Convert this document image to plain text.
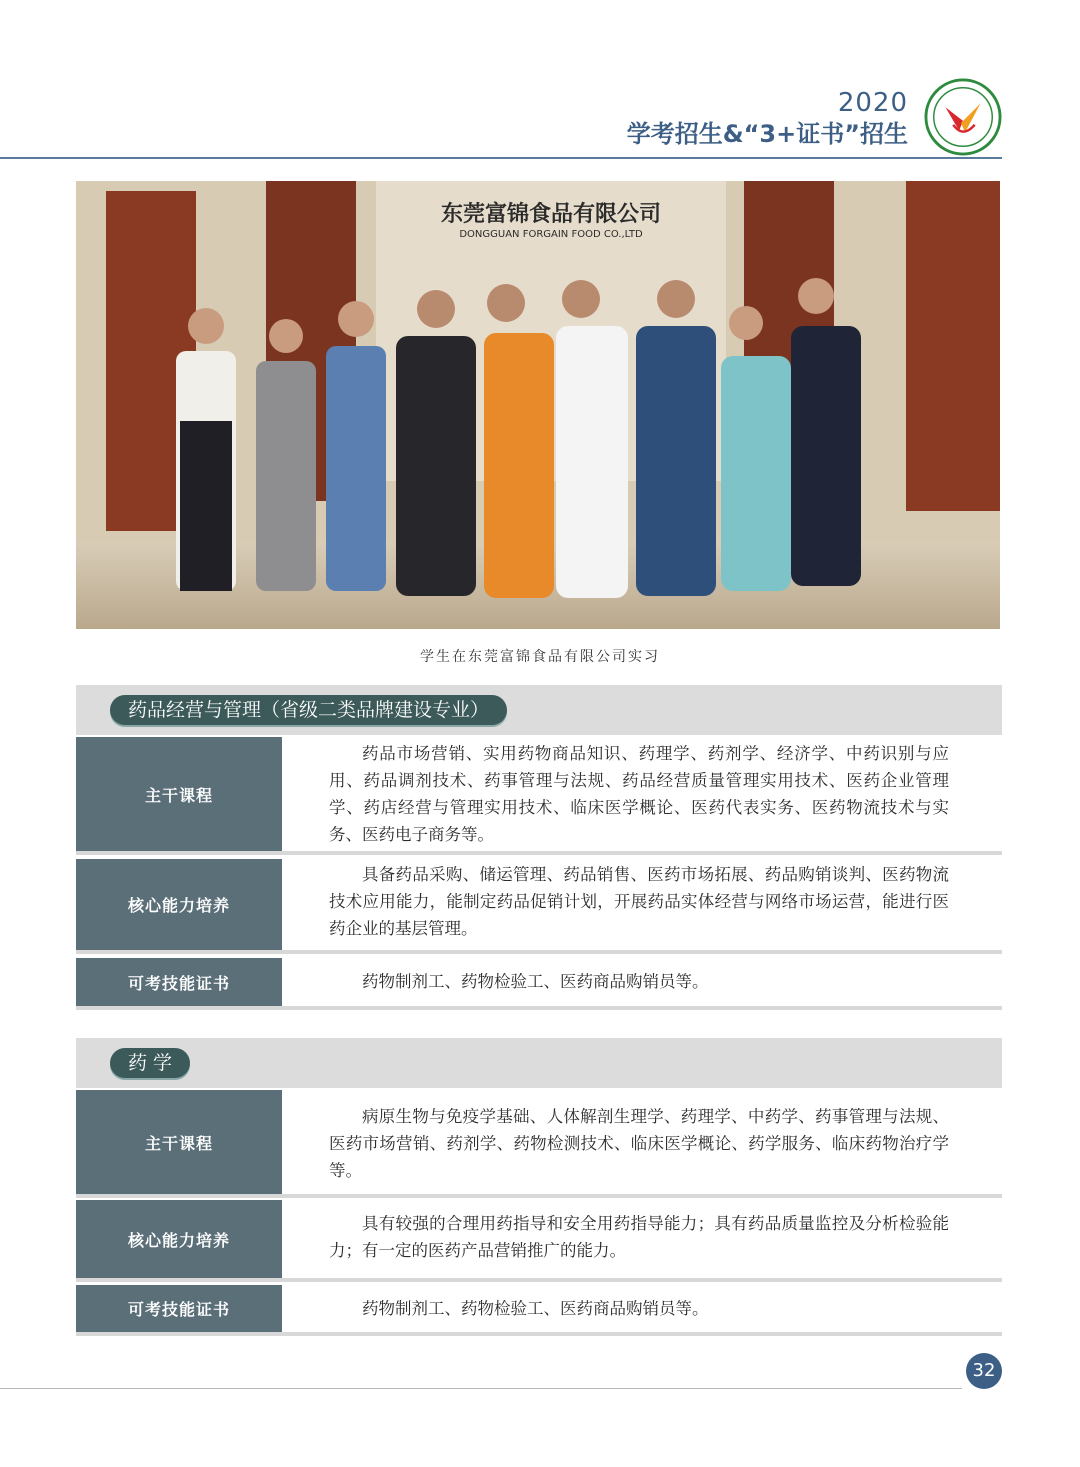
2020
学考招生&“3+证书”招生
东莞富锦食品有限公司
DONGGUAN FORGAIN FOOD CO.,LTD
学生在东莞富锦食品有限公司实习
药品经营与管理（省级二类品牌建设专业）
主干课程
药品市场营销、实用药物商品知识、药理学、药剂学、经济学、中药识别与应用、药品调剂技术、药事管理与法规、药品经营质量管理实用技术、医药企业管理学、药店经营与管理实用技术、临床医学概论、医药代表实务、医药物流技术与实务、医药电子商务等。
核心能力培养
具备药品采购、储运管理、药品销售、医药市场拓展、药品购销谈判、医药物流技术应用能力，能制定药品促销计划，开展药品实体经营与网络市场运营，能进行医药企业的基层管理。
可考技能证书	药物制剂工、药物检验工、医药商品购销员等。
药 学
主干课程
病原生物与免疫学基础、人体解剖生理学、药理学、中药学、药事管理与法规、医药市场营销、药剂学、药物检测技术、临床医学概论、药学服务、临床药物治疗学等。
核心能力培养
具有较强的合理用药指导和安全用药指导能力；具有药品质量监控及分析检验能力；有一定的医药产品营销推广的能力。
可考技能证书	药物制剂工、药物检验工、医药商品购销员等。
32
